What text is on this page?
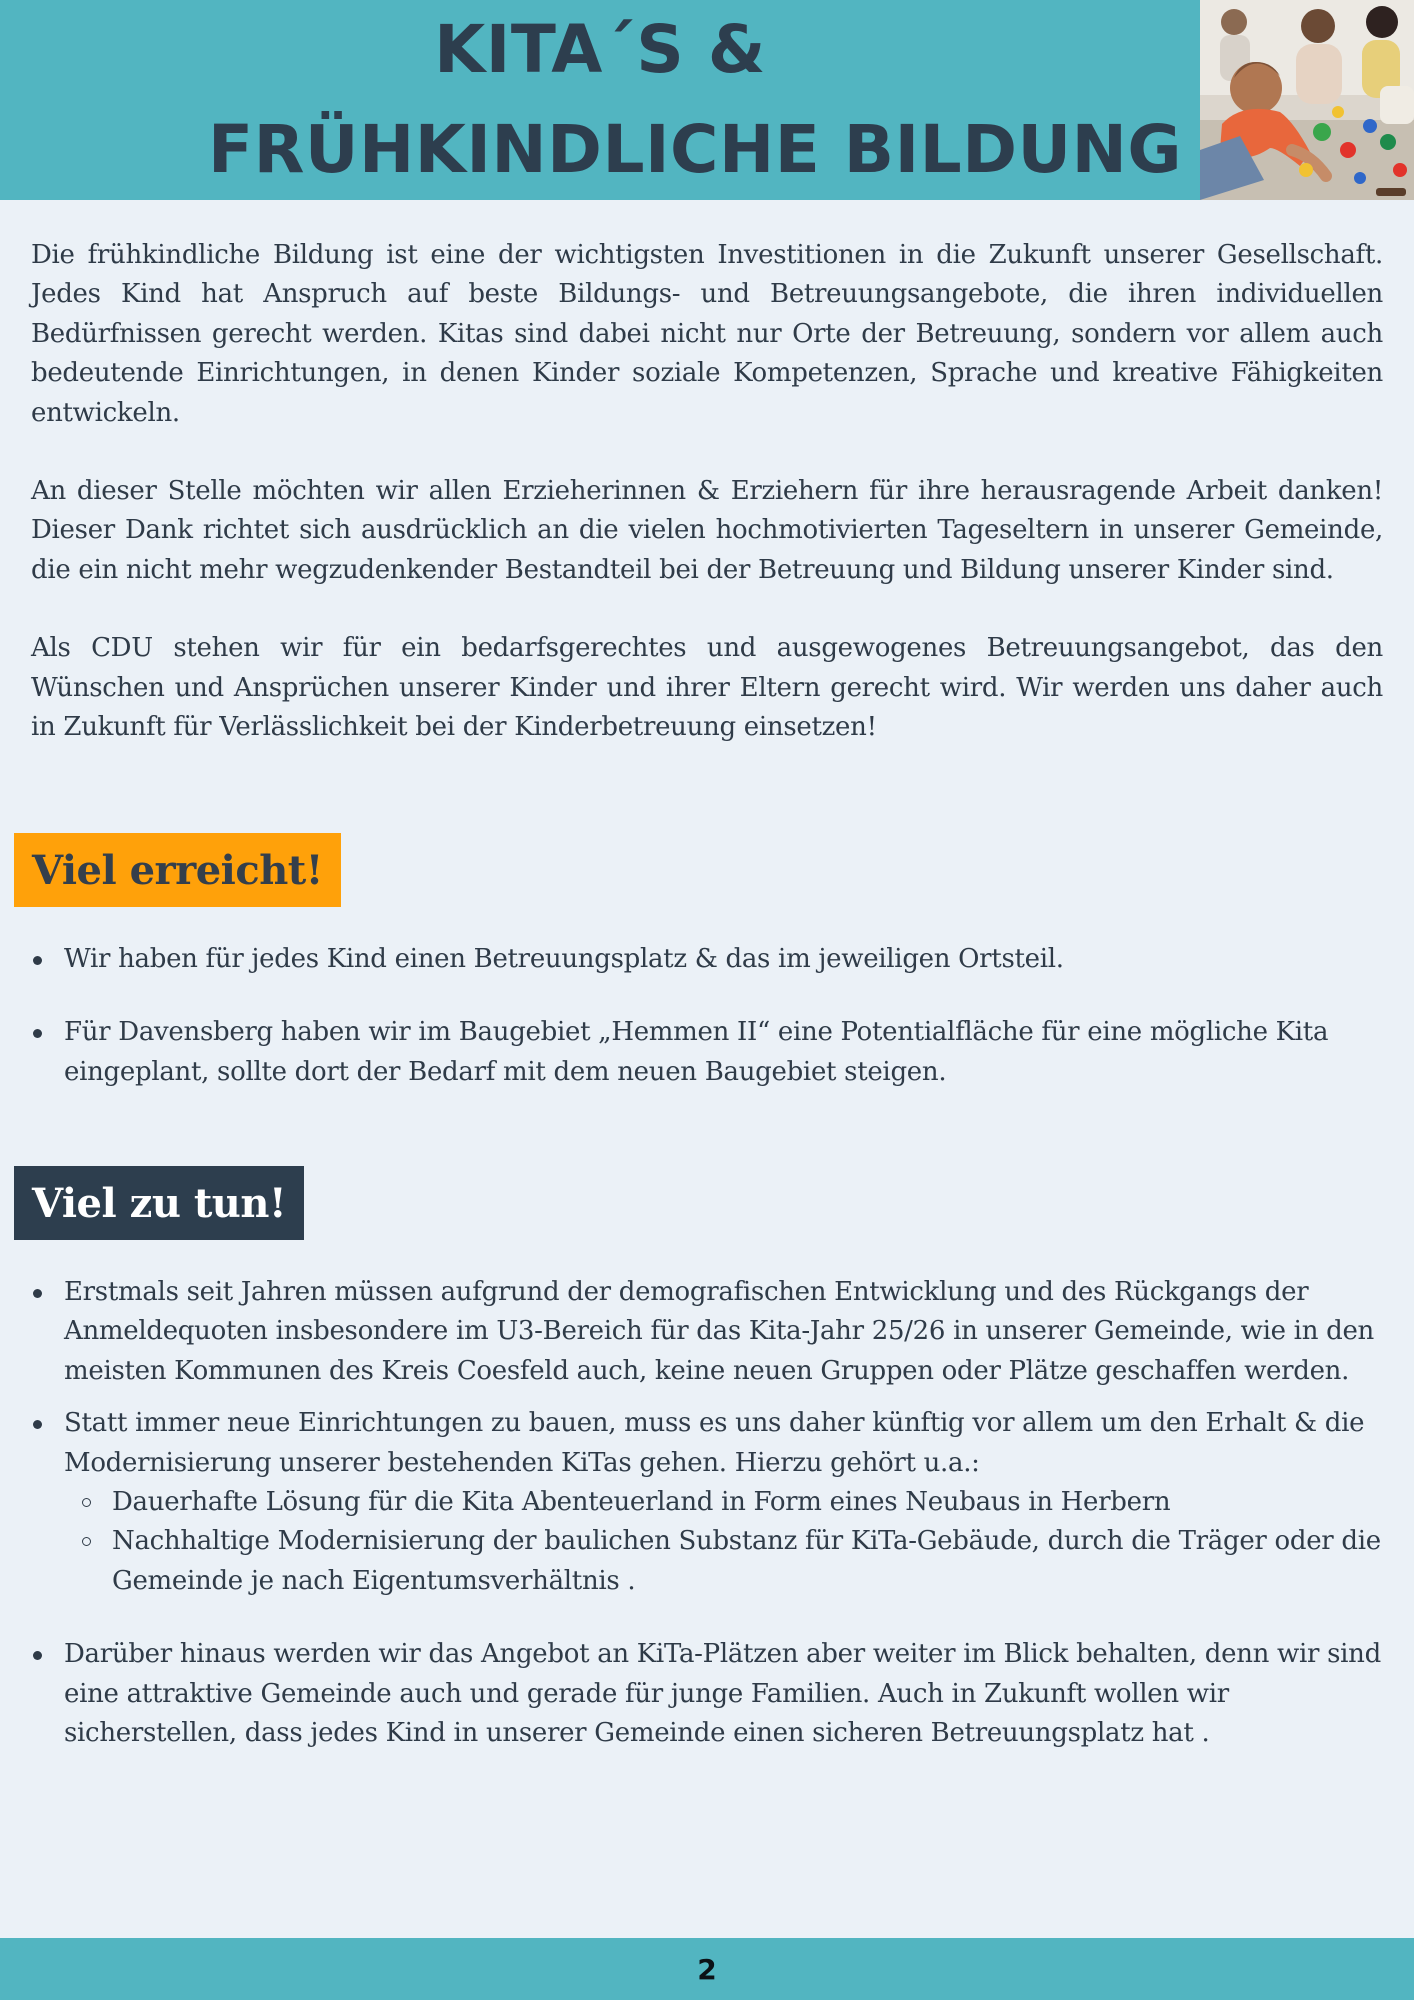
KITA´S &
FRÜHKINDLICHE BILDUNG

Die frühkindliche Bildung ist eine der wichtigsten Investitionen in die Zukunft unserer Gesellschaft. Jedes Kind hat Anspruch auf beste Bildungs- und Betreuungsangebote, die ihren individuellen Bedürfnissen gerecht werden. Kitas sind dabei nicht nur Orte der Betreuung, sondern vor allem auch bedeutende Einrichtungen, in denen Kinder soziale Kompetenzen, Sprache und kreative Fähigkeiten entwickeln.

An dieser Stelle möchten wir allen Erzieherinnen & Erziehern für ihre herausragende Arbeit danken! Dieser Dank richtet sich ausdrücklich an die vielen hochmotivierten Tageseltern in unserer Gemeinde, die ein nicht mehr wegzudenkender Bestandteil bei der Betreuung und Bildung unserer Kinder sind.

Als CDU stehen wir für ein bedarfsgerechtes und ausgewogenes Betreuungsangebot, das den Wünschen und Ansprüchen unserer Kinder und ihrer Eltern gerecht wird. Wir werden uns daher auch in Zukunft für Verlässlichkeit bei der Kinderbetreuung einsetzen!

Viel erreicht!
Wir haben für jedes Kind einen Betreuungsplatz & das im jeweiligen Ortsteil.
Für Davensberg haben wir im Baugebiet „Hemmen II“ eine Potentialfläche für eine mögliche Kita eingeplant, sollte dort der Bedarf mit dem neuen Baugebiet steigen.
Viel zu tun!
Erstmals seit Jahren müssen aufgrund der demografischen Entwicklung und des Rückgangs der Anmeldequoten insbesondere im U3-Bereich für das Kita-Jahr 25/26 in unserer Gemeinde, wie in den meisten Kommunen des Kreis Coesfeld auch, keine neuen Gruppen oder Plätze geschaffen werden.
Statt immer neue Einrichtungen zu bauen, muss es uns daher künftig vor allem um den Erhalt & die Modernisierung unserer bestehenden KiTas gehen. Hierzu gehört u.a.:
Dauerhafte Lösung für die Kita Abenteuerland in Form eines Neubaus in Herbern
Nachhaltige Modernisierung der baulichen Substanz für KiTa-Gebäude, durch die Träger oder die Gemeinde je nach Eigentumsverhältnis .
Darüber hinaus werden wir das Angebot an KiTa-Plätzen aber weiter im Blick behalten, denn wir sind eine attraktive Gemeinde auch und gerade für junge Familien. Auch in Zukunft wollen wir sicherstellen, dass jedes Kind in unserer Gemeinde einen sicheren Betreuungsplatz hat .
2
